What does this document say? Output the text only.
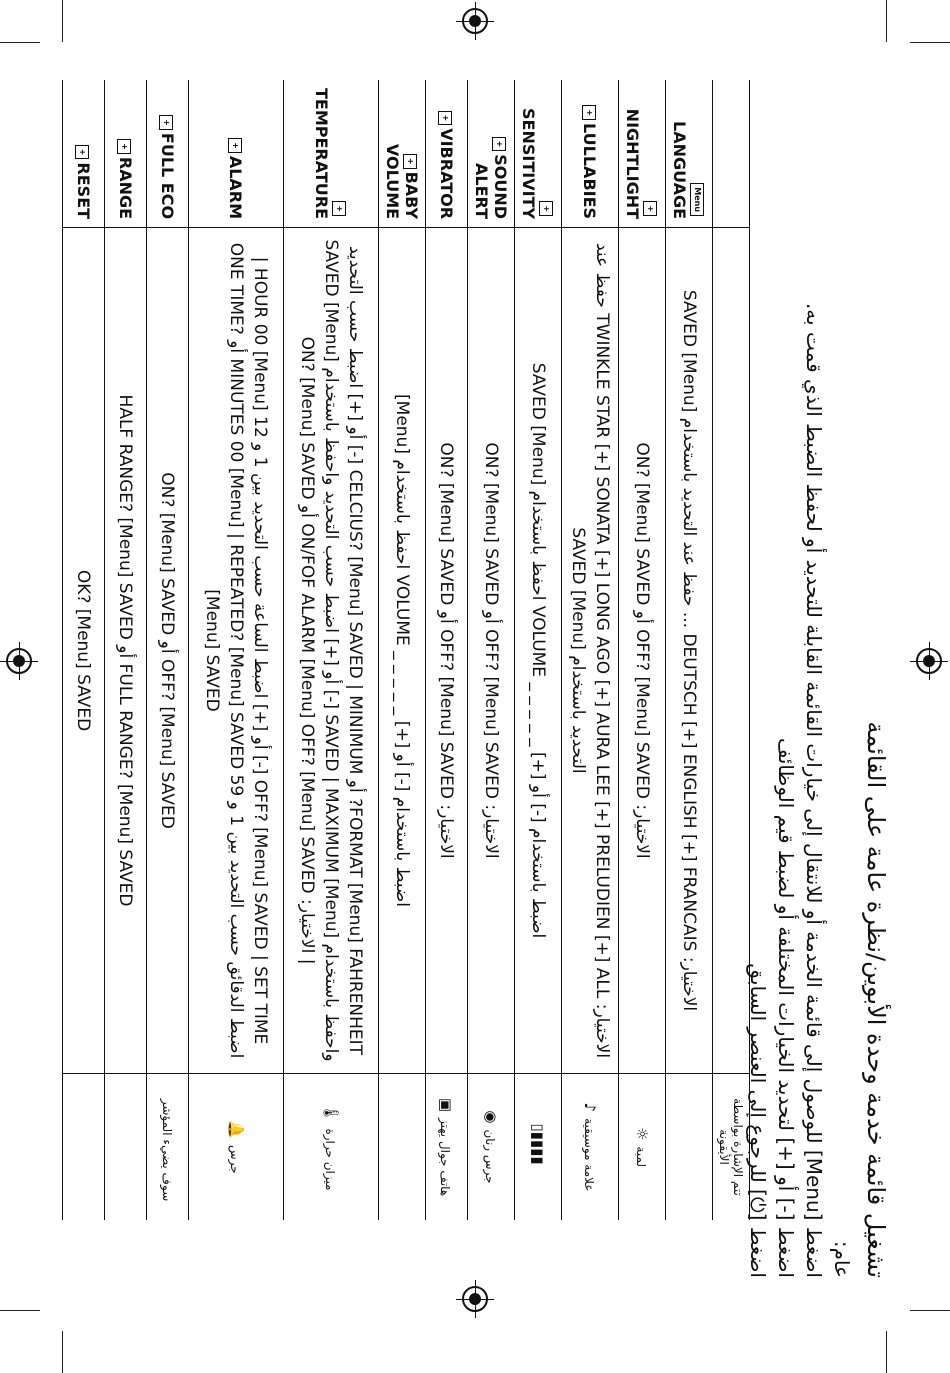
تشغيل قائمة خدمة وحدة الأبوين/نظرة عامة على القائمة
عام:
اضغط [Menu] للوصول إلى قائمة الخدمة أو للانتقال إلى خيارات القائمة القابلة للتحديد أو لحفظ الضبط الذي قمت به.
اضغط [-] أو [+] لتحديد الخيارات المختلفة أو لضبط قيم الوظائف
اضغط [⏻] للرجوع إلى العنصر السابق
تتم الإشارة بواسطة الأيقونة		
	الاختيار: DEUTSCH [+] ENGLISH [+] FRANCAIS ... حفظ عند التحديد باستخدام [Menu] SAVED	MenuLANGUAGE
لمبة☼	الاختيار: OFF? [Menu] SAVED أو ON? [Menu] SAVED	+NIGHTLIGHT
علامة موسيقية♪	الاختيار: TWINKLE STAR [+] SONATA [+] LONG AGO [+] AURA LEE [+] PRELUDIEN [+] ALL حفظ عند التحديد باستخدام [Menu] SAVED	+LULLABIES
▮▮▮▮▯	اضبط باستخدام [-] أو [+] _ _ _ _ _ VOLUME احفظ باستخدام [Menu] SAVED	+SENSITIVITY
جرس رنان◉	الاختيار: OFF? [Menu] SAVED أو ON? [Menu] SAVED	+SOUND ALERT
هاتف جوال يهتز▣	الاختيار: OFF? [Menu] SAVED أو ON? [Menu] SAVED	+VIBRATOR
	اضبط باستخدام [-] أو [+] _ _ _ _ _ VOLUME احفظ باستخدام [Menu]	+BABY VOLUME
ميزان حرارة🌡	FORMAT [Menu] FAHRENHEIT? أو CELCIUS? [Menu] SAVED | MINIMUM [-] أو [+] اضبط حسب التحديد واحفظ باستخدام [Menu] SAVED | MAXIMUM [-] أو [+] اضبط حسب التحديد واحفظ باستخدام [Menu] SAVED | الاختيار: ON/FOF ALARM [Menu] OFF? [Menu] SAVED أو ON? [Menu] SAVED	+TEMPERATURE
جرس🔔	OFF? [Menu] SAVED | SET TIME [-] أو [+] اضبط الساعة حسب التحديد بين 1 و 12 HOUR 00 [Menu] | اضبط الدقائق حسب التحديد بين 1 و 59 MINUTES 00 [Menu] | REPEATED? [Menu] SAVED أو ONE TIME? [Menu] SAVED	+ALARM
سوف يضيء المؤشر	OFF? [Menu] SAVED أو ON? [Menu] SAVED	+FULL ECO
	FULL RANGE? [Menu] SAVED أو HALF RANGE? [Menu] SAVED	+RANGE
	OK? [Menu] SAVED	+RESET
